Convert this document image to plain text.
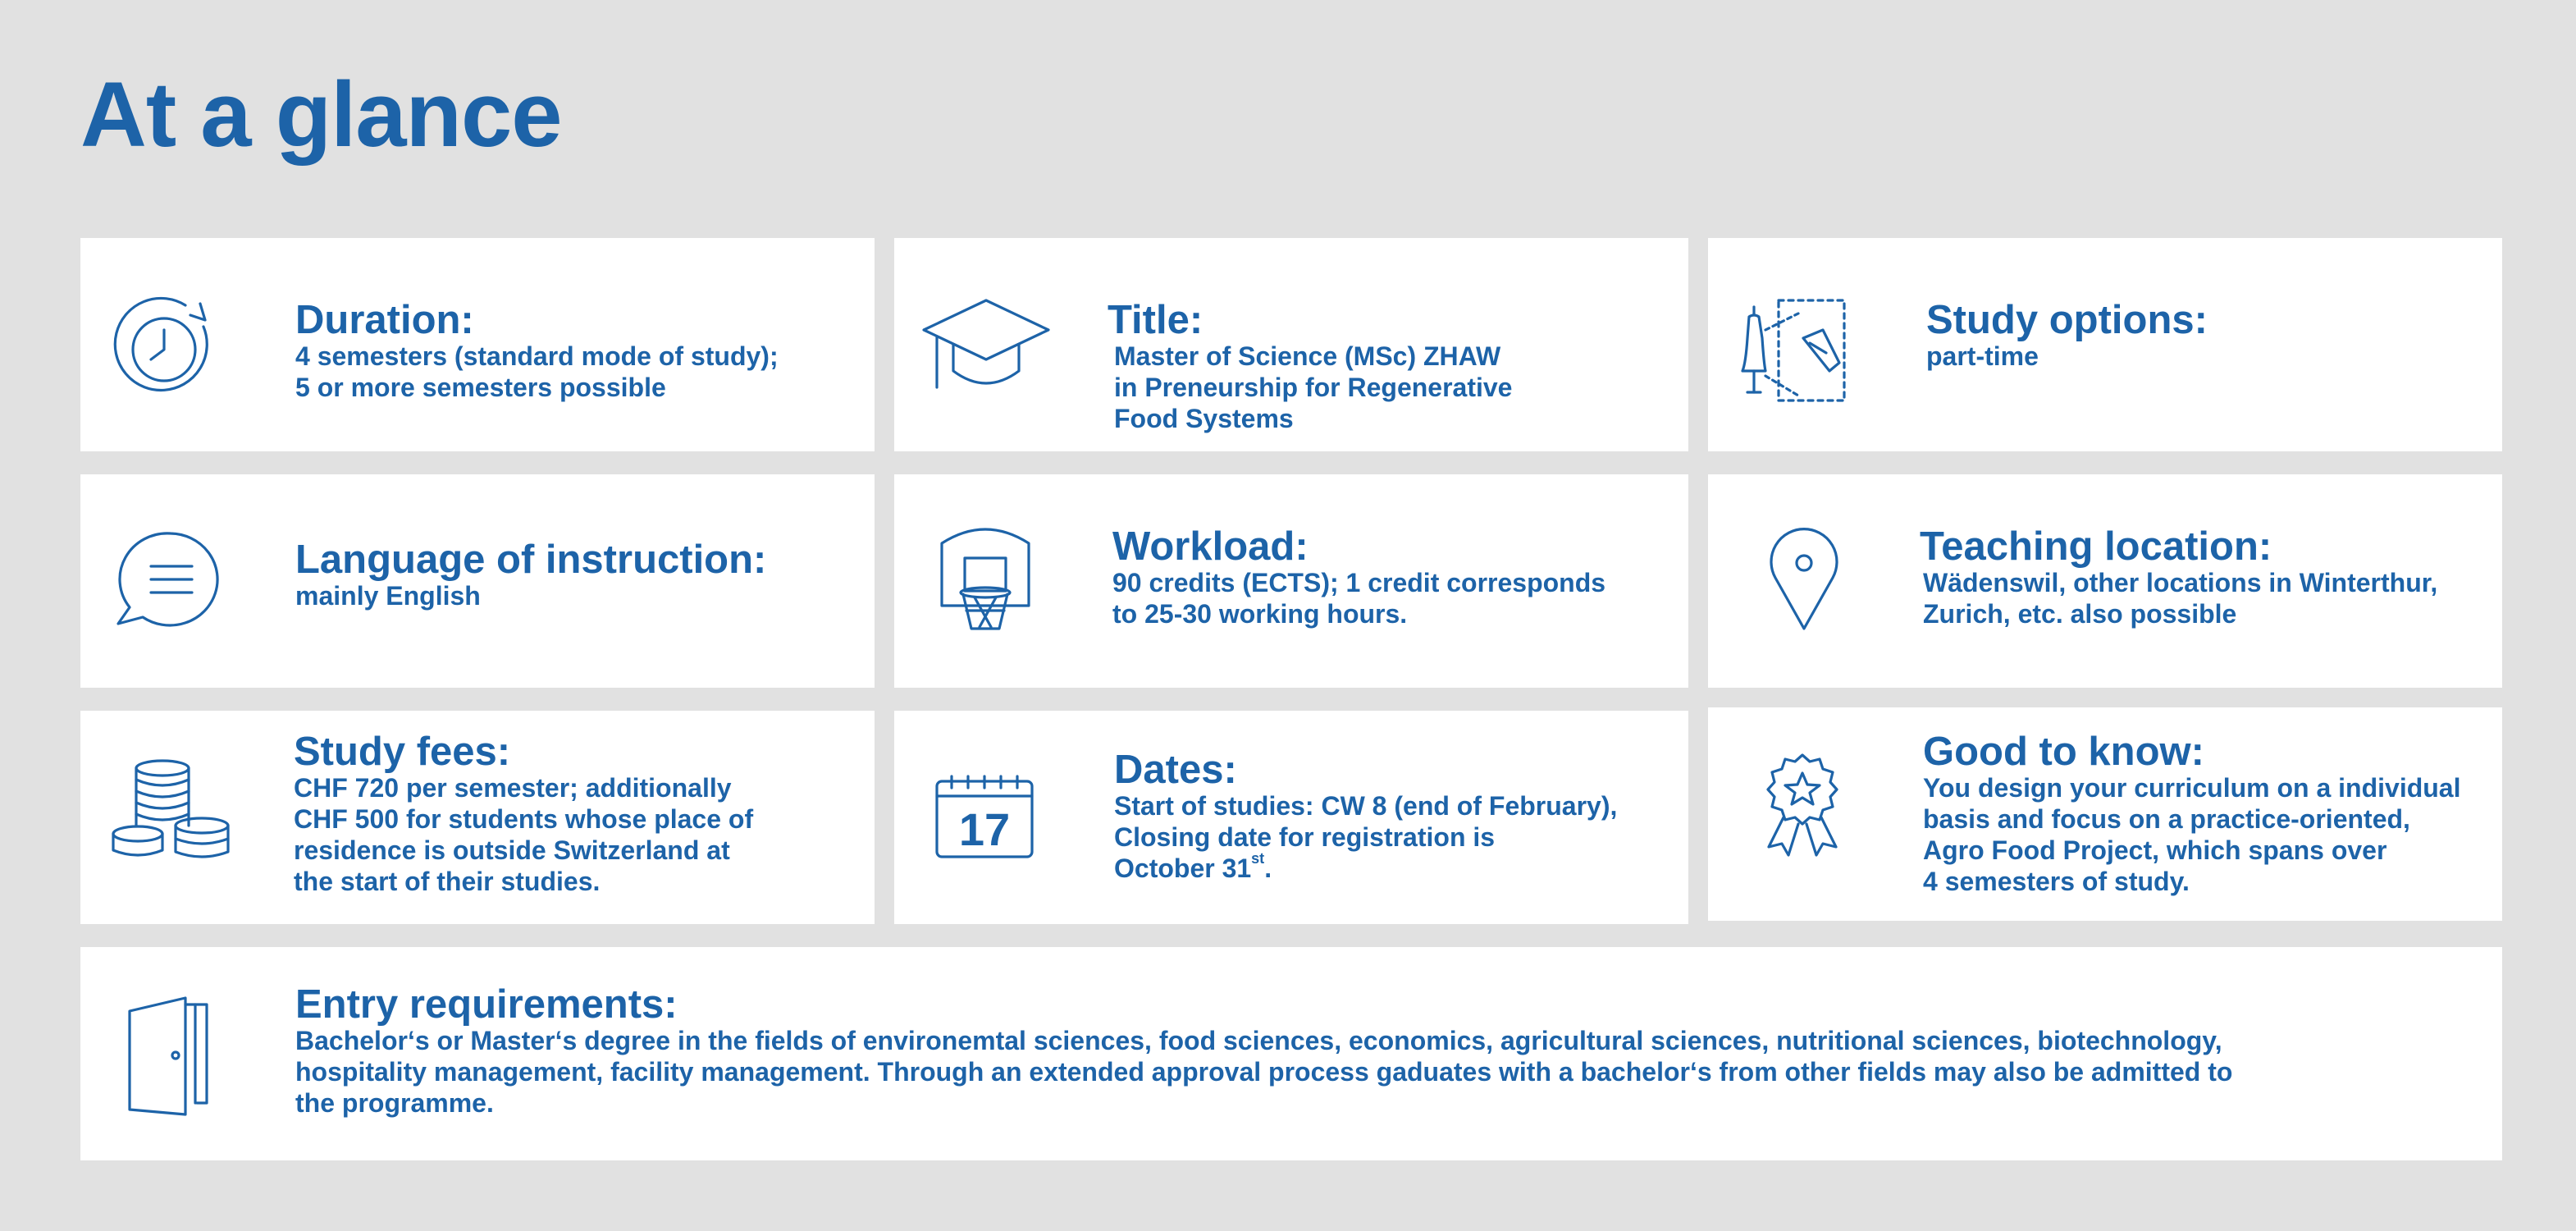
At a glance
Duration:
4 semesters (standard mode of study);
5 or more semesters possible
Title:
Master of Science (MSc) ZHAW
in Preneurship for Regenerative
Food Systems
Study options:
part-time
Language of instruction:
mainly English
Workload:
90 credits (ECTS); 1 credit corresponds
to 25-30 working hours.
Teaching location:
Wädenswil, other locations in Winterthur,
Zurich, etc. also possible
Study fees:
CHF 720 per semester; additionally
CHF 500 for students whose place of
residence is outside Switzerland at
the start of their studies.
17
Dates:
Start of studies: CW 8 (end of February),
Closing date for registration is
October 31st.
Good to know:
You design your curriculum on a individual
basis and focus on a practice-oriented,
Agro Food Project, which spans over
4 semesters of study.
Entry requirements:
Bachelor‘s or Master‘s degree in the fields of environemtal sciences, food sciences, economics, agricultural sciences, nutritional sciences, biotechnology,
hospitality management, facility management. Through an extended approval process gaduates with a bachelor‘s from other fields may also be admitted to
the programme.
